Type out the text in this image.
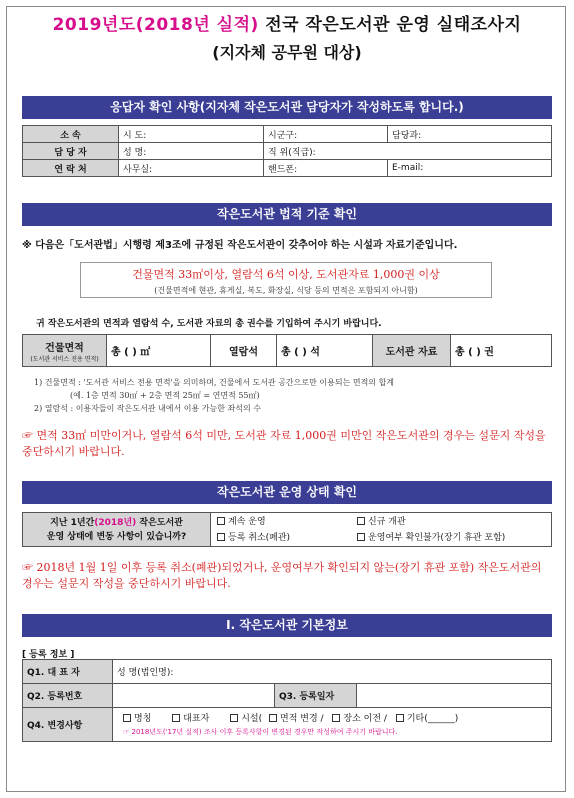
2019년도(2018년 실적) 전국 작은도서관 운영 실태조사지
(지자체 공무원 대상)
응답자 확인 사항(지자체 작은도서관 담당자가 작성하도록 합니다.)
소 속	시 도:	시군구:	담당과:
담 당 자	성 명:	직 위(직급):	
연 락 처	사무실:	핸드폰:	E-mail:
작은도서관 법적 기준 확인
※ 다음은「도서관법」시행령 제3조에 규정된 작은도서관이 갖추어야 하는 시설과 자료기준입니다.
건물면적 33㎡이상, 열람석 6석 이상, 도서관자료 1,000권 이상
(건물면적에 현관, 휴게실, 복도, 화장실, 식당 등의 면적은 포함되지 아니함)
귀 작은도서관의 면적과 열람석 수, 도서관 자료의 총 권수를 기입하여 주시기 바랍니다.
건물면적
(도서관 서비스 전용 면적)
	총 ( ) ㎡	열람석	총 ( ) 석	도서관 자료	총 ( ) 권
1) 건물면적 : '도서관 서비스 전용 면적'을 의미하며, 건물에서 도서관 공간으로만 이용되는 면적의 합계
(예. 1층 면적 30㎡ + 2층 면적 25㎡ = 연면적 55㎡)
2) 열람석 : 이용자들이 작은도서관 내에서 이용 가능한 좌석의 수
☞ 면적 33㎡ 미만이거나, 열람석 6석 미만, 도서관 자료 1,000권 미만인 작은도서관의 경우는 설문지 작성을 중단하시기 바랍니다.
작은도서관 운영 상태 확인
지난 1년간(2018년) 작은도서관
운영 상태에 변동 사항이 있습니까?

계속 운영	신규 개관
등록 취소(폐관)	운영여부 확인불가(장기 휴관 포함)
☞ 2018년 1월 1일 이후 등록 취소(폐관)되었거나, 운영여부가 확인되지 않는(장기 휴관 포함) 작은도서관의 경우는 설문지 작성을 중단하시기 바랍니다.
Ⅰ. 작은도서관 기본정보
[ 등록 정보 ]
Q1. 대 표 자	성 명(법인명):		
Q2. 등록번호		Q3. 등록일자	
Q4. 변경사항	명칭 대표자 시설( 면적 변경 / 장소 이전 / 기타(______)
☞ 2018년도('17년 실적) 조사 이후 등록사항이 변경된 경우만 작성하여 주시기 바랍니다.		
